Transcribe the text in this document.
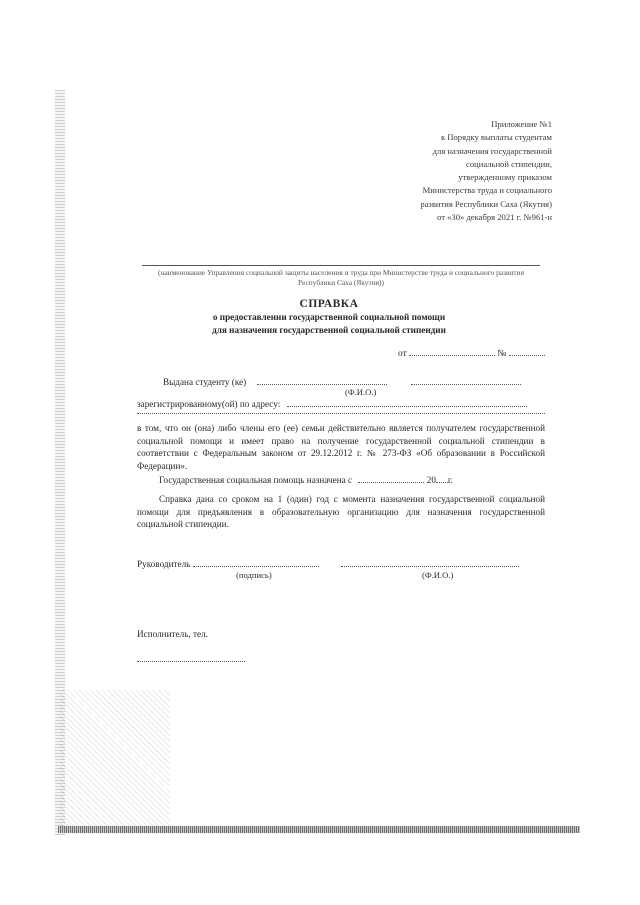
Приложение №1
к Порядку выплаты студентам
для назначения государственной
социальной стипендии,
утвержденному приказом
Министерства труда и социального
развития Республики Саха (Якутия)
от «30» декабря 2021 г. №961-н
(наименование Управления социальной защиты населения и труда при Министерстве труда и социального развития Республики Саха (Якутия))
СПРАВКА
о предоставлении государственной социальной помощи
для назначения государственной социальной стипендии
от	№
Выдана студенту (ке)
(Ф.И.О.)
зарегистрированному(ой) по адресу:
в том, что он (она) либо члены его (ее) семьи действительно является получателем государственной социальной помощи и имеет право на получение государственной социальной стипендии в соответствии с Федеральным законом от 29.12.2012 г. № 273-ФЗ «Об образовании в Российской Федерации».
Государственная социальная помощь назначена с	20 г.
Справка дана со сроком на 1 (один) год с момента назначения государственной социальной помощи для предъявления в образовательную организацию для назначения государственной социальной стипендии.
Руководитель
(подпись)	(Ф.И.О.)
Исполнитель, тел.
